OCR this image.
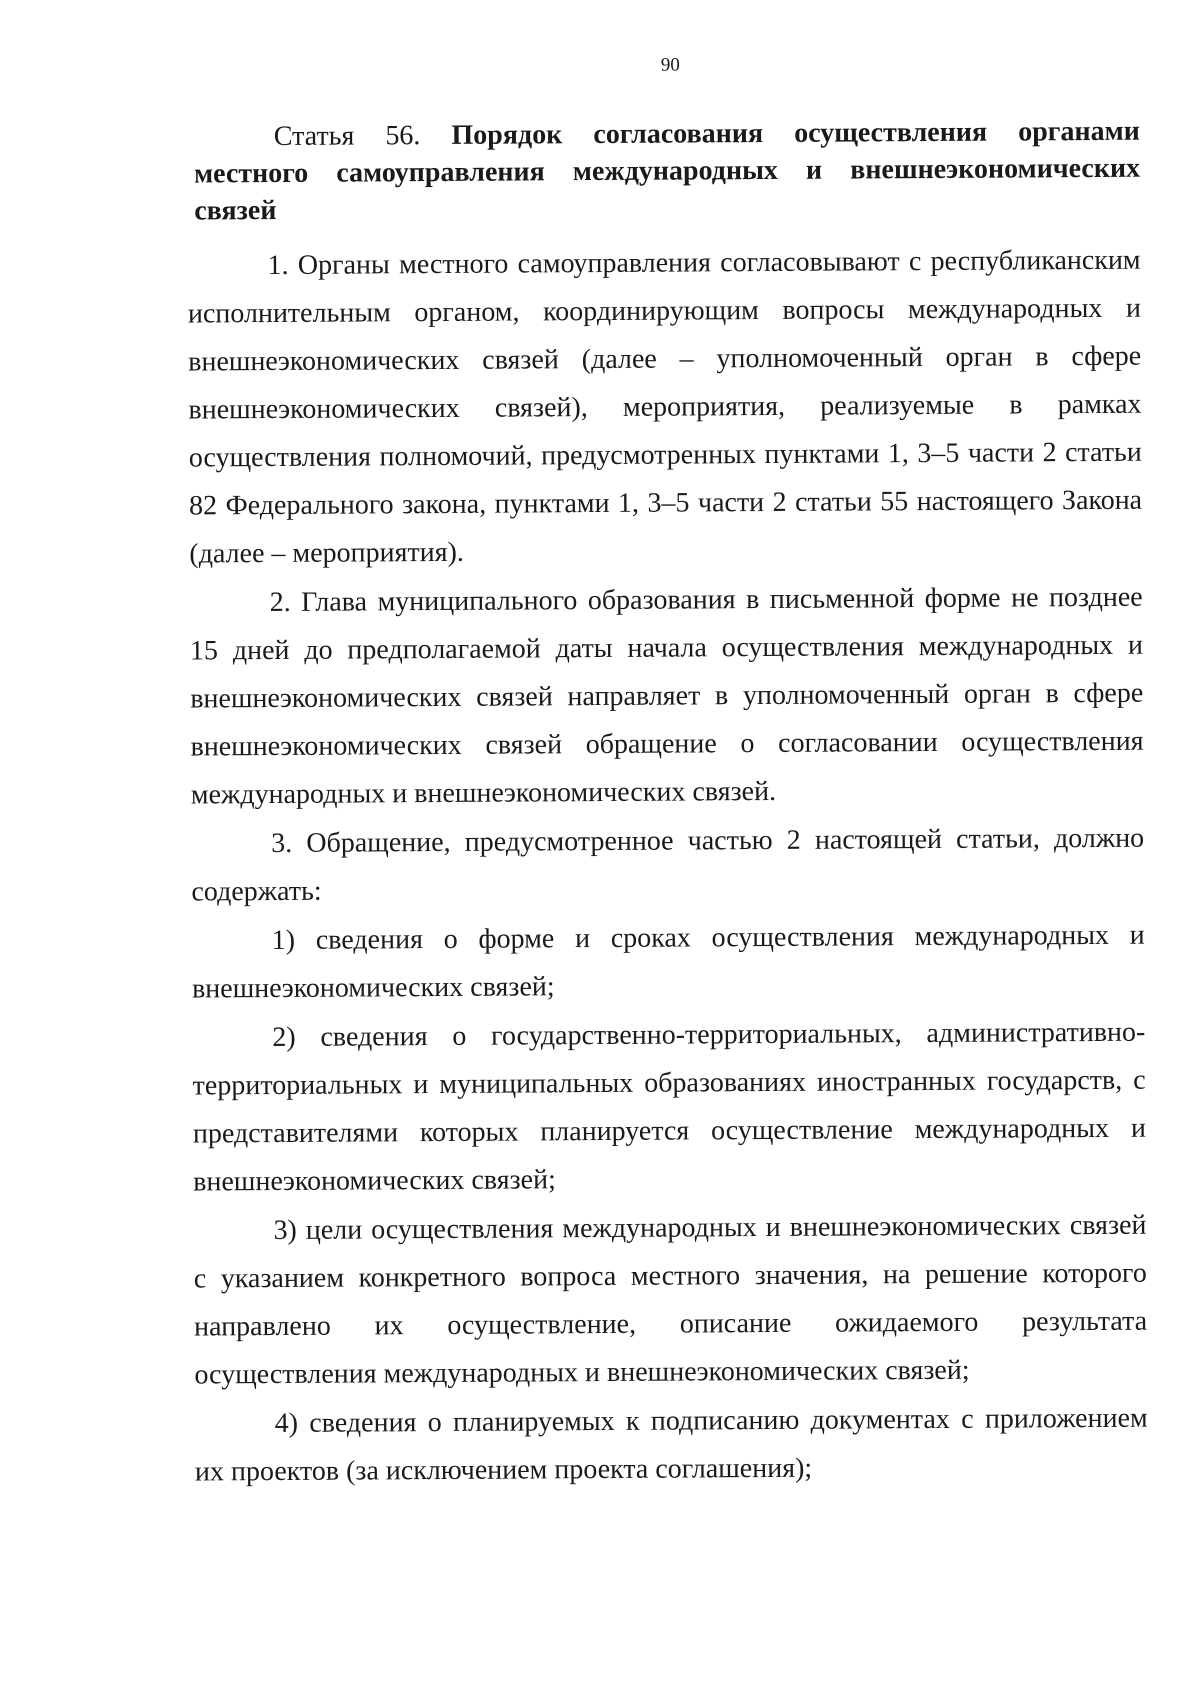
90
Статья 56. Порядок согласования осуществления органами местного самоуправления международных и внешнеэкономических связей

1. Органы местного самоуправления согласовывают с республиканским исполнительным органом, координирующим вопросы международных и внешнеэкономических связей (далее – уполномоченный орган в сфере внешнеэкономических связей), мероприятия, реализуемые в рамках осуществления полномочий, предусмотренных пунктами 1, 3–5 части 2 статьи 82 Федерального закона, пунктами 1, 3–5 части 2 статьи 55 настоящего Закона (далее – мероприятия).

2. Глава муниципального образования в письменной форме не позднее 15 дней до предполагаемой даты начала осуществления международных и внешнеэкономических связей направляет в уполномоченный орган в сфере внешнеэкономических связей обращение о согласовании осуществления международных и внешнеэкономических связей.

3. Обращение, предусмотренное частью 2 настоящей статьи, должно содержать:

1) сведения о форме и сроках осуществления международных и внешнеэкономических связей;

2) сведения о государственно-территориальных, административно-территориальных и муниципальных образованиях иностранных государств, с представителями которых планируется осуществление международных и внешнеэкономических связей;

3) цели осуществления международных и внешнеэкономических связей с указанием конкретного вопроса местного значения, на решение которого направлено их осуществление, описание ожидаемого результата осуществления международных и внешнеэкономических связей;

4) сведения о планируемых к подписанию документах с приложением их проектов (за исключением проекта соглашения);
